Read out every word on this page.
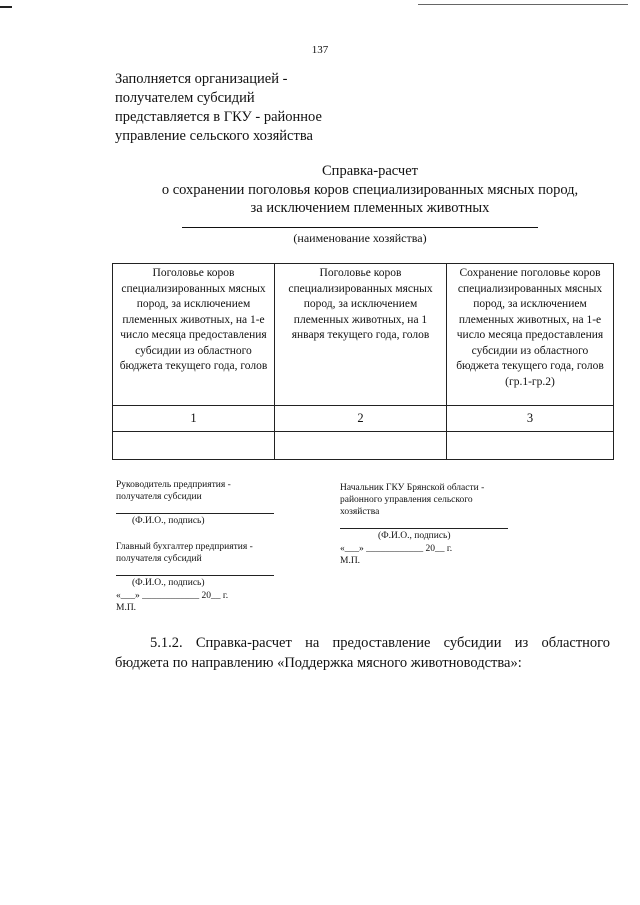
137
Заполняется организацией -
получателем субсидий
представляется в ГКУ - районное
управление сельского хозяйства
Справка-расчет
о сохранении поголовья коров специализированных мясных пород,
за исключением племенных животных
(наименование хозяйства)
Поголовье коров специализированных мясных пород, за исключением племенных животных, на 1-е число месяца предоставления субсидии из областного бюджета текущего года, голов	Поголовье коров специализированных мясных пород, за исключением племенных животных, на 1 января текущего года, голов	Сохранение поголовье коров специализированных мясных пород, за исключением племенных животных, на 1-е число месяца предоставления субсидии из областного бюджета текущего года, голов (гр.1-гр.2)
1	2	3

Руководитель предприятия -
получателя субсидии
(Ф.И.О., подпись)
Главный бухгалтер предприятия -
получателя субсидий
(Ф.И.О., подпись)
«___» ____________ 20__ г.
М.П.
Начальник ГКУ Брянской области -
районного управления сельского
хозяйства
(Ф.И.О., подпись)
«___» ____________ 20__ г.
М.П.
5.1.2. Справка-расчет на предоставление субсидии из областного
бюджета по направлению «Поддержка мясного животноводства»:
